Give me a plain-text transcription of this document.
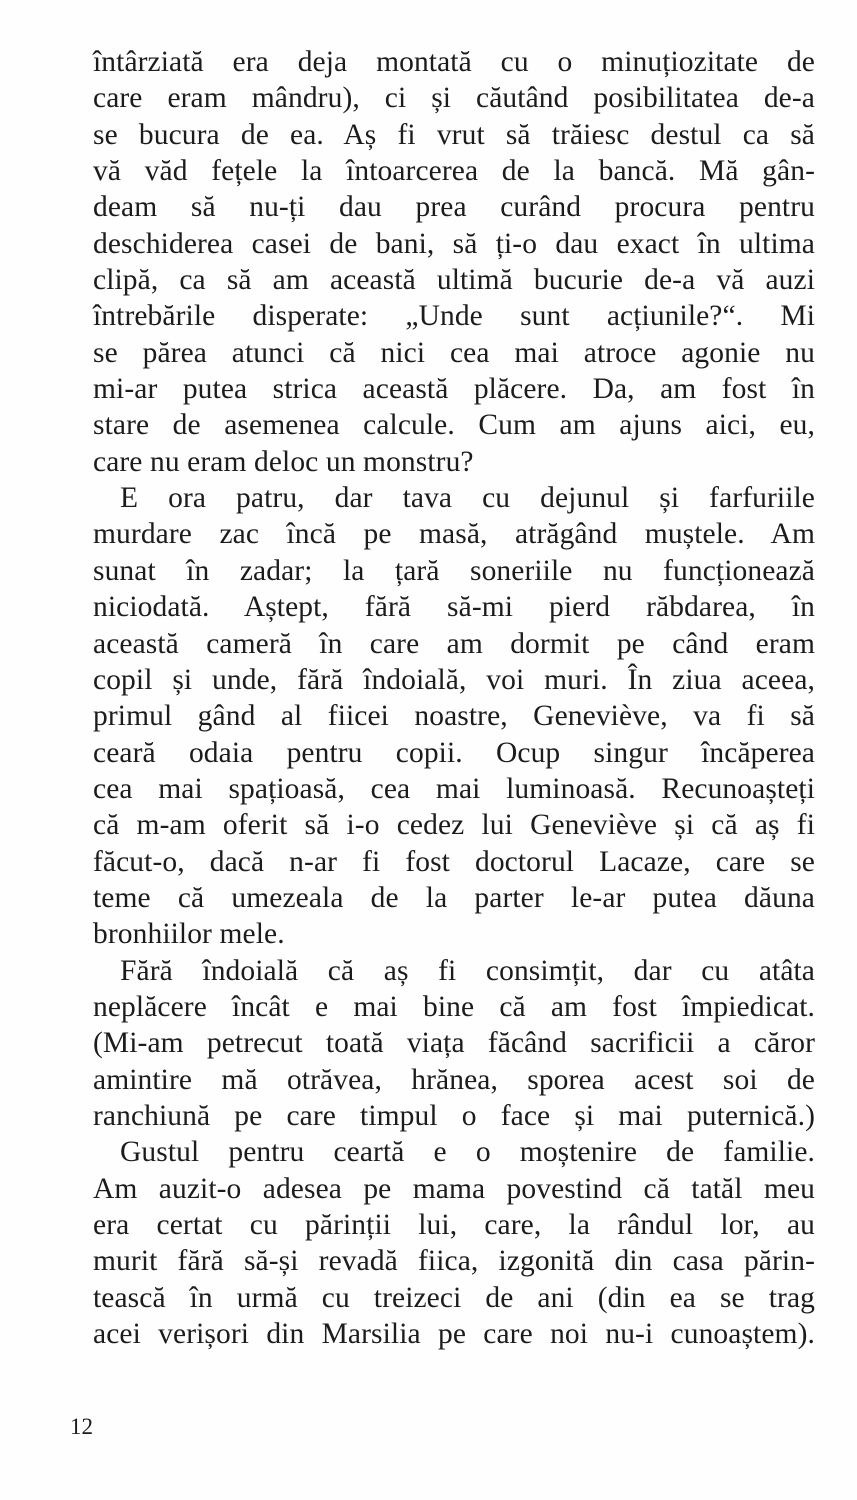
întârziată era deja montată cu o minuțiozitate de
care eram mândru), ci și căutând posibilitatea de-a
se bucura de ea. Aș fi vrut să trăiesc destul ca să
vă văd fețele la întoarcerea de la bancă. Mă gân-
deam să nu-ți dau prea curând procura pentru
deschiderea casei de bani, să ți-o dau exact în ultima
clipă, ca să am această ultimă bucurie de-a vă auzi
întrebările disperate: „Unde sunt acțiunile?“. Mi
se părea atunci că nici cea mai atroce agonie nu
mi-ar putea strica această plăcere. Da, am fost în
stare de asemenea calcule. Cum am ajuns aici, eu,
care nu eram deloc un monstru?
E ora patru, dar tava cu dejunul și farfuriile
murdare zac încă pe masă, atrăgând muștele. Am
sunat în zadar; la țară soneriile nu funcționează
niciodată. Aștept, fără să-mi pierd răbdarea, în
această cameră în care am dormit pe când eram
copil și unde, fără îndoială, voi muri. În ziua aceea,
primul gând al fiicei noastre, Geneviève, va fi să
ceară odaia pentru copii. Ocup singur încăperea
cea mai spațioasă, cea mai luminoasă. Recunoașteți
că m-am oferit să i-o cedez lui Geneviève și că aș fi
făcut-o, dacă n-ar fi fost doctorul Lacaze, care se
teme că umezeala de la parter le-ar putea dăuna
bronhiilor mele.
Fără îndoială că aș fi consimțit, dar cu atâta
neplăcere încât e mai bine că am fost împiedicat.
(Mi-am petrecut toată viața făcând sacrificii a căror
amintire mă otrăvea, hrănea, sporea acest soi de
ranchiună pe care timpul o face și mai puternică.)
Gustul pentru ceartă e o moștenire de familie.
Am auzit-o adesea pe mama povestind că tatăl meu
era certat cu părinții lui, care, la rândul lor, au
murit fără să-și revadă fiica, izgonită din casa părin-
tească în urmă cu treizeci de ani (din ea se trag
acei verișori din Marsilia pe care noi nu-i cunoaștem).
12
